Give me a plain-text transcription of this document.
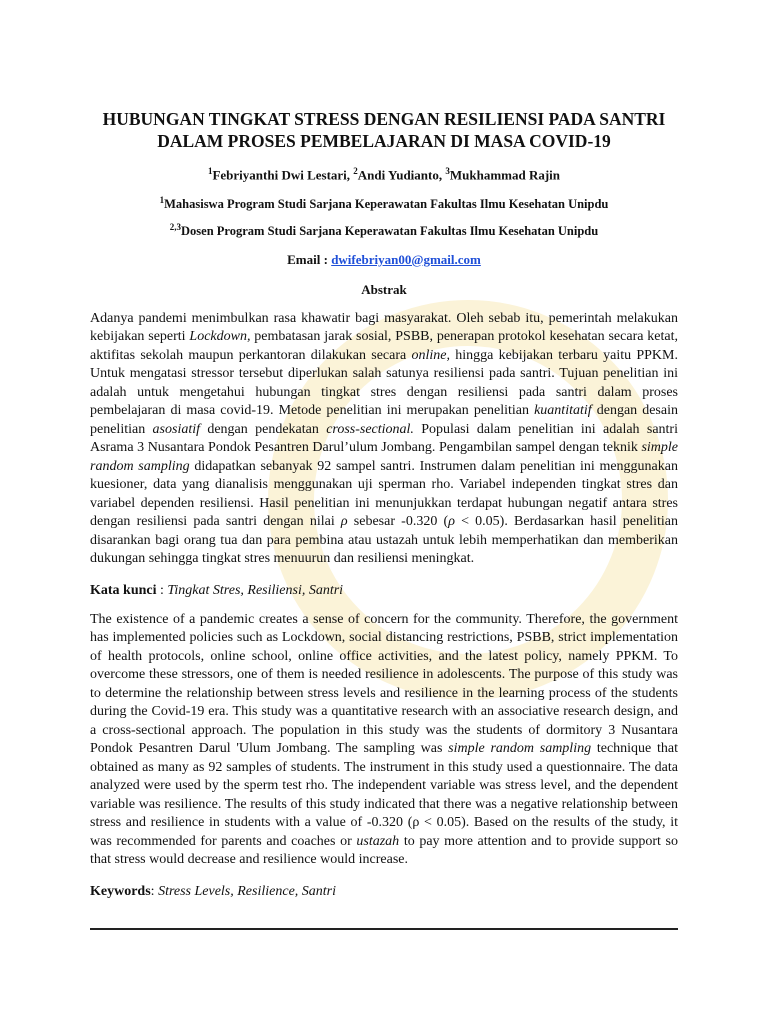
HUBUNGAN TINGKAT STRESS DENGAN RESILIENSI PADA SANTRI
DALAM PROSES PEMBELAJARAN DI MASA COVID-19
$^1$Febriyanthi Dwi Lestari, $^2$Andi Yudianto, $^3$Mukhammad Rajin
$^1$Mahasiswa Program Studi Sarjana Keperawatan Fakultas Ilmu Kesehatan Unipdu
$^{2,3}$Dosen Program Studi Sarjana Keperawatan Fakultas Ilmu Kesehatan Unipdu
Email : dwifebriyan00@gmail.com
Abstrak

Adanya pandemi menimbulkan rasa khawatir bagi masyarakat. Oleh sebab itu, pemerintah melakukan kebijakan seperti Lockdown, pembatasan jarak sosial, PSBB, penerapan protokol kesehatan secara ketat, aktifitas sekolah maupun perkantoran dilakukan secara online, hingga kebijakan terbaru yaitu PPKM. Untuk mengatasi stressor tersebut diperlukan salah satunya resiliensi pada santri. Tujuan penelitian ini adalah untuk mengetahui hubungan tingkat stres dengan resiliensi pada santri dalam proses pembelajaran di masa covid-19. Metode penelitian ini merupakan penelitian kuantitatif dengan desain penelitian asosiatif dengan pendekatan cross-sectional. Populasi dalam penelitian ini adalah santri Asrama 3 Nusantara Pondok Pesantren Darul’ulum Jombang. Pengambilan sampel dengan teknik simple random sampling didapatkan sebanyak 92 sampel santri. Instrumen dalam penelitian ini menggunakan kuesioner, data yang dianalisis menggunakan uji sperman rho. Variabel independen tingkat stres dan variabel dependen resiliensi. Hasil penelitian ini menunjukkan terdapat hubungan negatif antara stres dengan resiliensi pada santri dengan nilai ρ sebesar -0.320 (ρ < 0.05). Berdasarkan hasil penelitian disarankan bagi orang tua dan para pembina atau ustazah untuk lebih memperhatikan dan memberikan dukungan sehingga tingkat stres menuurun dan resiliensi meningkat.

Kata kunci : Tingkat Stres, Resiliensi, Santri

The existence of a pandemic creates a sense of concern for the community. Therefore, the government has implemented policies such as Lockdown, social distancing restrictions, PSBB, strict implementation of health protocols, online school, online office activities, and the latest policy, namely PPKM. To overcome these stressors, one of them is needed resilience in adolescents. The purpose of this study was to determine the relationship between stress levels and resilience in the learning process of the students during the Covid-19 era. This study was a quantitative research with an associative research design, and a cross-sectional approach. The population in this study was the students of dormitory 3 Nusantara Pondok Pesantren Darul 'Ulum Jombang. The sampling was simple random sampling technique that obtained as many as 92 samples of students. The instrument in this study used a questionnaire. The data analyzed were used by the sperm test rho. The independent variable was stress level, and the dependent variable was resilience. The results of this study indicated that there was a negative relationship between stress and resilience in students with a value of -0.320 (ρ < 0.05). Based on the results of the study, it was recommended for parents and coaches or ustazah to pay more attention and to provide support so that stress would decrease and resilience would increase.

Keywords: Stress Levels, Resilience, Santri
